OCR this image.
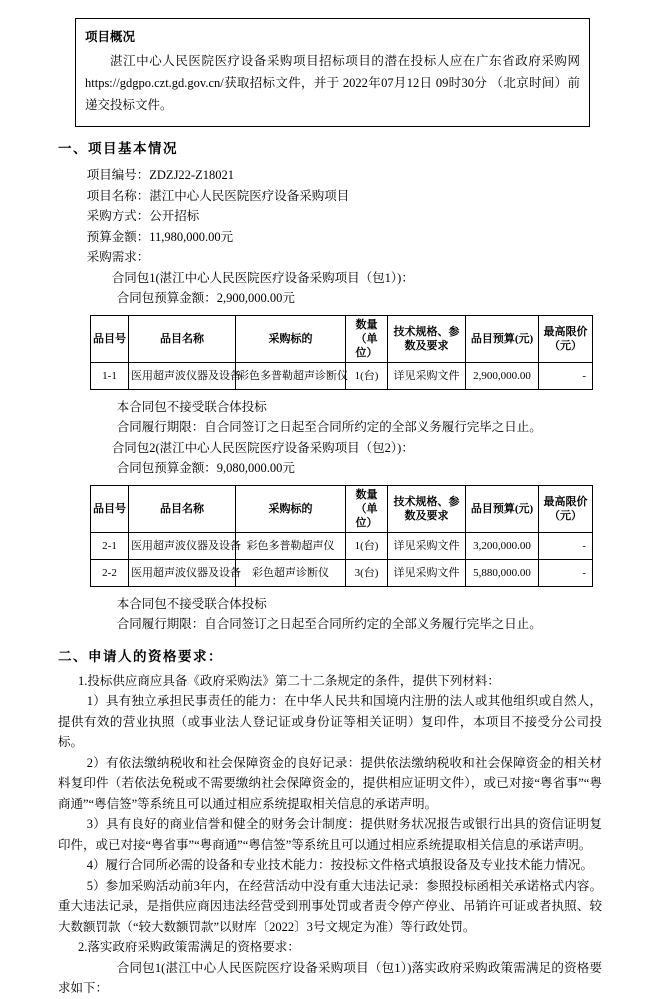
项目概况

湛江中心人民医院医疗设备采购项目招标项目的潜在投标人应在广东省政府采购网https://gdgpo.czt.gd.gov.cn/获取招标文件，并于 2022年07月12日 09时30分 （北京时间）前递交投标文件。

一、项目基本情况

项目编号：ZDZJ22-Z18021

项目名称：湛江中心人民医院医疗设备采购项目

采购方式：公开招标

预算金额：11,980,000.00元

采购需求：

合同包1(湛江中心人民医院医疗设备采购项目（包1）)：

合同包预算金额：2,900,000.00元

品目号	品目名称	采购标的	数量（单位）	技术规格、参数及要求	品目预算(元)	最高限价（元）
1-1	医用超声波仪器及设备	彩色多普勒超声诊断仪	1(台)	详见采购文件	2,900,000.00	-

本合同包不接受联合体投标

合同履行期限：自合同签订之日起至合同所约定的全部义务履行完毕之日止。

合同包2(湛江中心人民医院医疗设备采购项目（包2）)：

合同包预算金额：9,080,000.00元

品目号	品目名称	采购标的	数量（单位）	技术规格、参数及要求	品目预算(元)	最高限价（元）
2-1	医用超声波仪器及设备	彩色多普勒超声仪	1(台)	详见采购文件	3,200,000.00	-
2-2	医用超声波仪器及设备	彩色超声诊断仪	3(台)	详见采购文件	5,880,000.00	-

本合同包不接受联合体投标

合同履行期限：自合同签订之日起至合同所约定的全部义务履行完毕之日止。

二、申请人的资格要求：

1.投标供应商应具备《政府采购法》第二十二条规定的条件，提供下列材料：

1）具有独立承担民事责任的能力：在中华人民共和国境内注册的法人或其他组织或自然人，提供有效的营业执照（或事业法人登记证或身份证等相关证明）复印件，本项目不接受分公司投标。

2）有依法缴纳税收和社会保障资金的良好记录：提供依法缴纳税收和社会保障资金的相关材料复印件（若依法免税或不需要缴纳社会保障资金的，提供相应证明文件），或已对接“粤省事”“粤商通”“粤信签”等系统且可以通过相应系统提取相关信息的承诺声明。

3）具有良好的商业信誉和健全的财务会计制度：提供财务状况报告或银行出具的资信证明复印件，或已对接“粤省事”“粤商通”“粤信签”等系统且可以通过相应系统提取相关信息的承诺声明。

4）履行合同所必需的设备和专业技术能力：按投标文件格式填报设备及专业技术能力情况。

5）参加采购活动前3年内，在经营活动中没有重大违法记录：参照投标函相关承诺格式内容。重大违法记录，是指供应商因违法经营受到刑事处罚或者责令停产停业、吊销许可证或者执照、较大数额罚款（“较大数额罚款”以财库〔2022〕3号文规定为准）等行政处罚。

2.落实政府采购政策需满足的资格要求：

合同包1(湛江中心人民医院医疗设备采购项目（包1）)落实政府采购政策需满足的资格要求如下：
